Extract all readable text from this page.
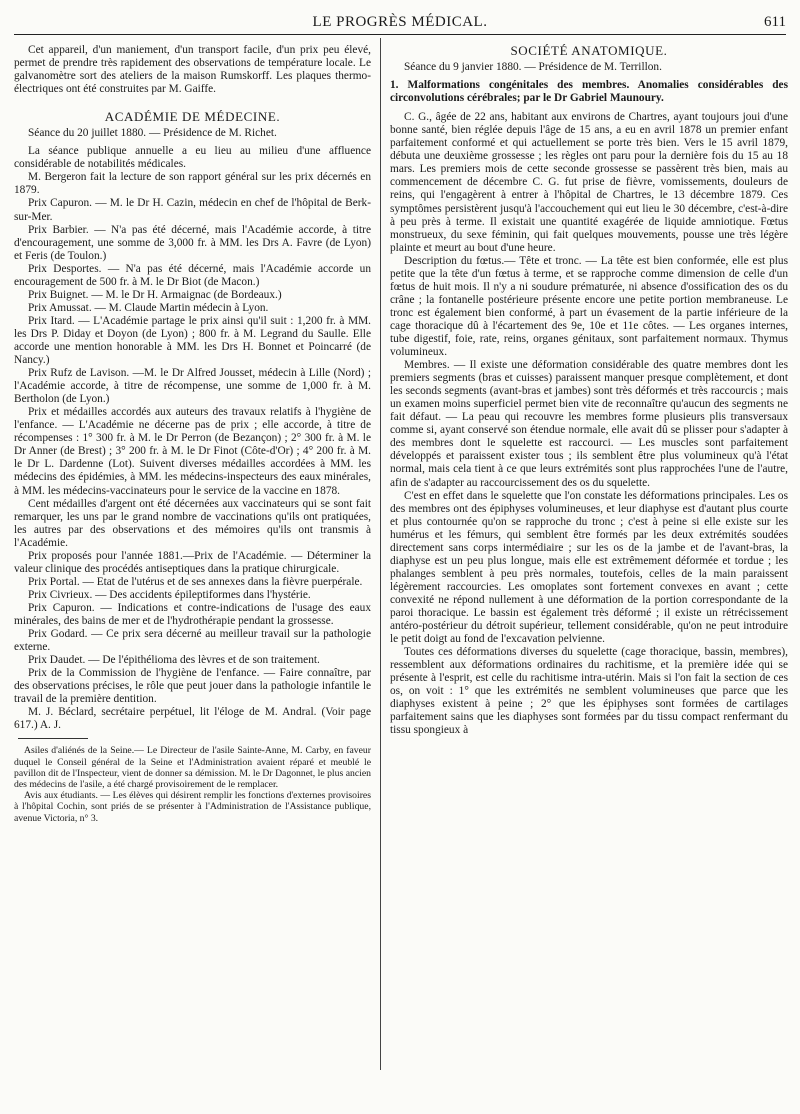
LE PROGRÈS MÉDICAL.	611

Cet appareil, d'un maniement, d'un transport facile, d'un prix peu élevé, permet de prendre très rapidement des observations de température locale. Le galvanomètre sort des ateliers de la maison Rumskorff. Les plaques thermo-électriques ont été construites par M. Gaiffe.

ACADÉMIE DE MÉDECINE.

Séance du 20 juillet 1880. — Présidence de M. Richet.

La séance publique annuelle a eu lieu au milieu d'une affluence considérable de notabilités médicales.

M. Bergeron fait la lecture de son rapport général sur les prix décernés en 1879.

Prix Capuron. — M. le Dr H. Cazin, médecin en chef de l'hôpital de Berk-sur-Mer.

Prix Barbier. — N'a pas été décerné, mais l'Académie accorde, à titre d'encouragement, une somme de 3,000 fr. à MM. les Drs A. Favre (de Lyon) et Feris (de Toulon.)

Prix Desportes. — N'a pas été décerné, mais l'Académie accorde un encouragement de 500 fr. à M. le Dr Biot (de Macon.)

Prix Buignet. — M. le Dr H. Armaignac (de Bordeaux.)

Prix Amussat. — M. Claude Martin médecin à Lyon.

Prix Itard. — L'Académie partage le prix ainsi qu'il suit : 1,200 fr. à MM. les Drs P. Diday et Doyon (de Lyon) ; 800 fr. à M. Legrand du Saulle. Elle accorde une mention honorable à MM. les Drs H. Bonnet et Poincarré (de Nancy.)

Prix Rufz de Lavison. —M. le Dr Alfred Jousset, médecin à Lille (Nord) ; l'Académie accorde, à titre de récompense, une somme de 1,000 fr. à M. Bertholon (de Lyon.)

Prix et médailles accordés aux auteurs des travaux relatifs à l'hygiène de l'enfance. — L'Académie ne décerne pas de prix ; elle accorde, à titre de récompenses : 1° 300 fr. à M. le Dr Perron (de Bezançon) ; 2° 300 fr. à M. le Dr Anner (de Brest) ; 3° 200 fr. à M. le Dr Finot (Côte-d'Or) ; 4° 200 fr. à M. le Dr L. Dardenne (Lot). Suivent diverses médailles accordées à MM. les médecins des épidémies, à MM. les médecins-inspecteurs des eaux minérales, à MM. les médecins-vaccinateurs pour le service de la vaccine en 1878.

Cent médailles d'argent ont été décernées aux vaccinateurs qui se sont fait remarquer, les uns par le grand nombre de vaccinations qu'ils ont pratiquées, les autres par des observations et des mémoires qu'ils ont transmis à l'Académie.

Prix proposés pour l'année 1881.—Prix de l'Académie. — Déterminer la valeur clinique des procédés antiseptiques dans la pratique chirurgicale.

Prix Portal. — Etat de l'utérus et de ses annexes dans la fièvre puerpérale.

Prix Civrieux. — Des accidents épileptiformes dans l'hystérie.

Prix Capuron. — Indications et contre-indications de l'usage des eaux minérales, des bains de mer et de l'hydrothérapie pendant la grossesse.

Prix Godard. — Ce prix sera décerné au meilleur travail sur la pathologie externe.

Prix Daudet. — De l'épithélioma des lèvres et de son traitement.

Prix de la Commission de l'hygiène de l'enfance. — Faire connaître, par des observations précises, le rôle que peut jouer dans la pathologie infantile le travail de la première dentition.

M. J. Béclard, secrétaire perpétuel, lit l'éloge de M. Andral. (Voir page 617.) A. J.

Asiles d'aliénés de la Seine.— Le Directeur de l'asile Sainte-Anne, M. Carby, en faveur duquel le Conseil général de la Seine et l'Administration avaient réparé et meublé le pavillon dit de l'Inspecteur, vient de donner sa démission. M. le Dr Dagonnet, le plus ancien des médecins de l'asile, a été chargé provisoirement de le remplacer.

Avis aux étudiants. — Les élèves qui désirent remplir les fonctions d'externes provisoires à l'hôpital Cochin, sont priés de se présenter à l'Administration de l'Assistance publique, avenue Victoria, n° 3.

SOCIÉTÉ ANATOMIQUE.

Séance du 9 janvier 1880. — Présidence de M. Terrillon.

1. Malformations congénitales des membres. Anomalies considérables des circonvolutions cérébrales; par le Dr Gabriel Maunoury.

C. G., âgée de 22 ans, habitant aux environs de Chartres, ayant toujours joui d'une bonne santé, bien réglée depuis l'âge de 15 ans, a eu en avril 1878 un premier enfant parfaitement conformé et qui actuellement se porte très bien. Vers le 15 avril 1879, débuta une deuxième grossesse ; les règles ont paru pour la dernière fois du 15 au 18 mars. Les premiers mois de cette seconde grossesse se passèrent très bien, mais au commencement de décembre C. G. fut prise de fièvre, vomissements, douleurs de reins, qui l'engagèrent à entrer à l'hôpital de Chartres, le 13 décembre 1879. Ces symptômes persistèrent jusqu'à l'accouchement qui eut lieu le 30 décembre, c'est-à-dire à peu près à terme. Il existait une quantité exagérée de liquide amniotique. Fœtus monstrueux, du sexe féminin, qui fait quelques mouvements, pousse une très légère plainte et meurt au bout d'une heure.

Description du fœtus.— Tête et tronc. — La tête est bien conformée, elle est plus petite que la tête d'un fœtus à terme, et se rapproche comme dimension de celle d'un fœtus de huit mois. Il n'y a ni soudure prématurée, ni absence d'ossification des os du crâne ; la fontanelle postérieure présente encore une petite portion membraneuse. Le tronc est également bien conformé, à part un évasement de la partie inférieure de la cage thoracique dû à l'écartement des 9e, 10e et 11e côtes. — Les organes internes, tube digestif, foie, rate, reins, organes génitaux, sont parfaitement normaux. Thymus volumineux.

Membres. — Il existe une déformation considérable des quatre membres dont les premiers segments (bras et cuisses) paraissent manquer presque complètement, et dont les seconds segments (avant-bras et jambes) sont très déformés et très raccourcis ; mais un examen moins superficiel permet bien vite de reconnaître qu'aucun des segments ne fait défaut. — La peau qui recouvre les membres forme plusieurs plis transversaux comme si, ayant conservé son étendue normale, elle avait dû se plisser pour s'adapter à des membres dont le squelette est raccourci. — Les muscles sont parfaitement développés et paraissent exister tous ; ils semblent être plus volumineux qu'à l'état normal, mais cela tient à ce que leurs extrémités sont plus rapprochées l'une de l'autre, afin de s'adapter au raccourcissement des os du squelette.

C'est en effet dans le squelette que l'on constate les déformations principales. Les os des membres ont des épiphyses volumineuses, et leur diaphyse est d'autant plus courte et plus contournée qu'on se rapproche du tronc ; c'est à peine si elle existe sur les humérus et les fémurs, qui semblent être formés par les deux extrémités soudées directement sans corps intermédiaire ; sur les os de la jambe et de l'avant-bras, la diaphyse est un peu plus longue, mais elle est extrêmement déformée et tordue ; les phalanges semblent à peu près normales, toutefois, celles de la main paraissent légèrement raccourcies. Les omoplates sont fortement convexes en avant ; cette convexité ne répond nullement à une déformation de la portion correspondante de la paroi thoracique. Le bassin est également très déformé ; il existe un rétrécissement antéro-postérieur du détroit supérieur, tellement considérable, qu'on ne peut introduire le petit doigt au fond de l'excavation pelvienne.

Toutes ces déformations diverses du squelette (cage thoracique, bassin, membres), ressemblent aux déformations ordinaires du rachitisme, et la première idée qui se présente à l'esprit, est celle du rachitisme intra-utérin. Mais si l'on fait la section de ces os, on voit : 1° que les extrémités ne semblent volumineuses que parce que les diaphyses existent à peine ; 2° que les épiphyses sont formées de cartilages parfaitement sains que les diaphyses sont formées par du tissu compact renfermant du tissu spongieux à
